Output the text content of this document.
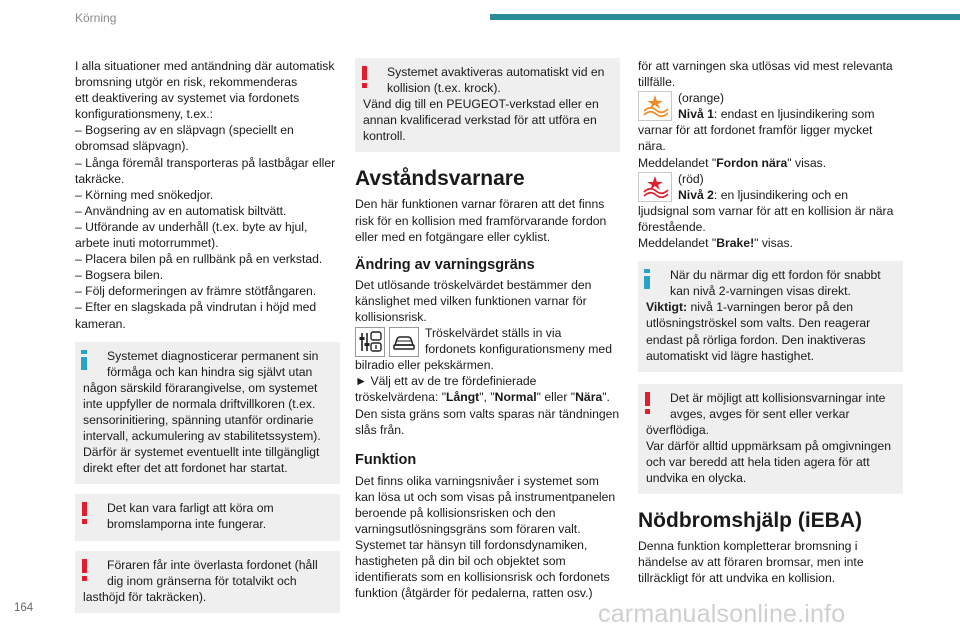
Körning

I alla situationer med antändning där automatisk

bromsning utgör en risk, rekommenderas

ett deaktivering av systemet via fordonets

konfigurationsmeny, t.ex.:

– Bogsering av en släpvagn (speciellt en

obromsad släpvagn).

– Långa föremål transporteras på lastbågar eller

takräcke.

– Körning med snökedjor.

– Användning av en automatisk biltvätt.

– Utförande av underhåll (t.ex. byte av hjul,

arbete inuti motorrummet).

– Placera bilen på en rullbänk på en verkstad.

– Bogsera bilen.

– Följ deformeringen av främre stötfångaren.

– Efter en slagskada på vindrutan i höjd med

kameran.

Systemet diagnosticerar permanent sin

förmåga och kan hindra sig självt utan

någon särskild förarangivelse, om systemet

inte uppfyller de normala driftvillkoren (t.ex.

sensorinitiering, spänning utanför ordinarie

intervall, ackumulering av stabilitetssystem).

Därför är systemet eventuellt inte tillgängligt

direkt efter det att fordonet har startat.

Det kan vara farligt att köra om

bromslamporna inte fungerar.

Föraren får inte överlasta fordonet (håll

dig inom gränserna för totalvikt och

lasthöjd för takräcken).

Systemet avaktiveras automatiskt vid en

kollision (t.ex. krock).

Vänd dig till en PEUGEOT-verkstad eller en

annan kvalificerad verkstad för att utföra en

kontroll.

Avståndsvarnare

Den här funktionen varnar föraren att det finns

risk för en kollision med framförvarande fordon

eller med en fotgängare eller cyklist.

Ändring av varningsgräns

Det utlösande tröskelvärdet bestämmer den

känslighet med vilken funktionen varnar för

kollisionsrisk.

Tröskelvärdet ställs in via

fordonets konfigurationsmeny med

bilradio eller pekskärmen.

► Välj ett av de tre fördefinierade

tröskelvärdena: "Långt", "Normal" eller "Nära".

Den sista gräns som valts sparas när tändningen

slås från.

Funktion

Det finns olika varningsnivåer i systemet som

kan lösa ut och som visas på instrumentpanelen

beroende på kollisionsrisken och den

varningsutlösningsgräns som föraren valt.

Systemet tar hänsyn till fordonsdynamiken,

hastigheten på din bil och objektet som

identifierats som en kollisionsrisk och fordonets

funktion (åtgärder för pedalerna, ratten osv.)

för att varningen ska utlösas vid mest relevanta

tillfälle.

(orange)

Nivå 1: endast en ljusindikering som

varnar för att fordonet framför ligger mycket

nära.

Meddelandet "Fordon nära" visas.

(röd)

Nivå 2: en ljusindikering och en

ljudsignal som varnar för att en kollision är nära

förestående.

Meddelandet "Brake!" visas.

När du närmar dig ett fordon för snabbt

kan nivå 2-varningen visas direkt.

Viktigt: nivå 1-varningen beror på den

utlösningströskel som valts. Den reagerar

endast på rörliga fordon. Den inaktiveras

automatiskt vid lägre hastighet.

Det är möjligt att kollisionsvarningar inte

avges, avges för sent eller verkar

överflödiga.

Var därför alltid uppmärksam på omgivningen

och var beredd att hela tiden agera för att

undvika en olycka.

Nödbromshjälp (iEBA)

Denna funktion kompletterar bromsning i

händelse av att föraren bromsar, men inte

tillräckligt för att undvika en kollision.

164	carmanualsonline.info
